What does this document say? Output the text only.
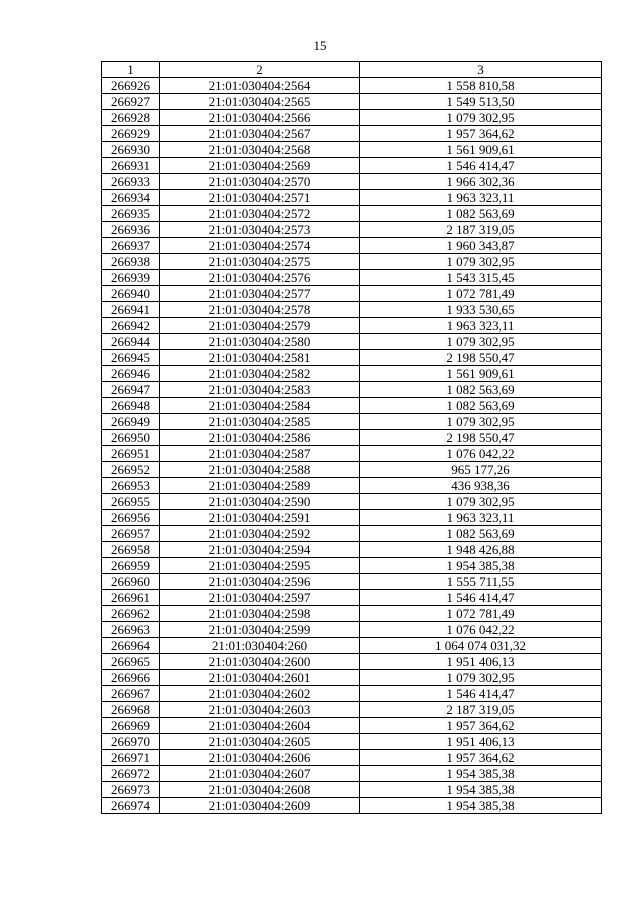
15
1	2	3
266926	21:01:030404:2564	1 558 810,58
266927	21:01:030404:2565	1 549 513,50
266928	21:01:030404:2566	1 079 302,95
266929	21:01:030404:2567	1 957 364,62
266930	21:01:030404:2568	1 561 909,61
266931	21:01:030404:2569	1 546 414,47
266933	21:01:030404:2570	1 966 302,36
266934	21:01:030404:2571	1 963 323,11
266935	21:01:030404:2572	1 082 563,69
266936	21:01:030404:2573	2 187 319,05
266937	21:01:030404:2574	1 960 343,87
266938	21:01:030404:2575	1 079 302,95
266939	21:01:030404:2576	1 543 315,45
266940	21:01:030404:2577	1 072 781,49
266941	21:01:030404:2578	1 933 530,65
266942	21:01:030404:2579	1 963 323,11
266944	21:01:030404:2580	1 079 302,95
266945	21:01:030404:2581	2 198 550,47
266946	21:01:030404:2582	1 561 909,61
266947	21:01:030404:2583	1 082 563,69
266948	21:01:030404:2584	1 082 563,69
266949	21:01:030404:2585	1 079 302,95
266950	21:01:030404:2586	2 198 550,47
266951	21:01:030404:2587	1 076 042,22
266952	21:01:030404:2588	965 177,26
266953	21:01:030404:2589	436 938,36
266955	21:01:030404:2590	1 079 302,95
266956	21:01:030404:2591	1 963 323,11
266957	21:01:030404:2592	1 082 563,69
266958	21:01:030404:2594	1 948 426,88
266959	21:01:030404:2595	1 954 385,38
266960	21:01:030404:2596	1 555 711,55
266961	21:01:030404:2597	1 546 414,47
266962	21:01:030404:2598	1 072 781,49
266963	21:01:030404:2599	1 076 042,22
266964	21:01:030404:260	1 064 074 031,32
266965	21:01:030404:2600	1 951 406,13
266966	21:01:030404:2601	1 079 302,95
266967	21:01:030404:2602	1 546 414,47
266968	21:01:030404:2603	2 187 319,05
266969	21:01:030404:2604	1 957 364,62
266970	21:01:030404:2605	1 951 406,13
266971	21:01:030404:2606	1 957 364,62
266972	21:01:030404:2607	1 954 385,38
266973	21:01:030404:2608	1 954 385,38
266974	21:01:030404:2609	1 954 385,38
